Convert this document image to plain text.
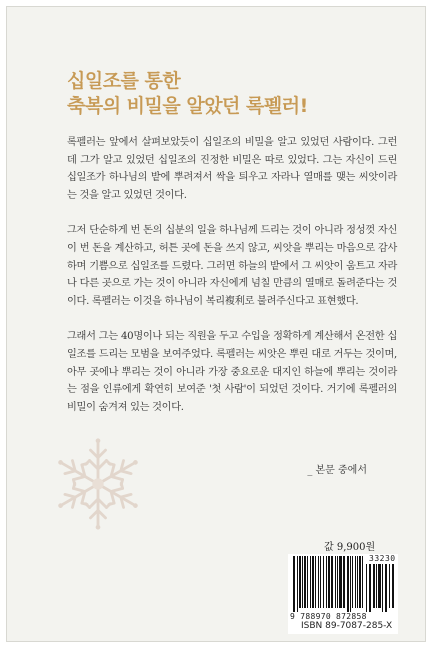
십일조를 통한
축복의 비밀을 알았던 록펠러!

록펠러는 앞에서 살펴보았듯이 십일조의 비밀을 알고 있었던 사람이다. 그런데 그가 알고 있었던 십일조의 진정한 비밀은 따로 있었다. 그는 자신이 드린 십일조가 하나님의 밭에 뿌려져서 싹을 틔우고 자라나 열매를 맺는 씨앗이라는 것을 알고 있었던 것이다.

그저 단순하게 번 돈의 십분의 일을 하나님께 드리는 것이 아니라 정성껏 자신이 번 돈을 계산하고, 허튼 곳에 돈을 쓰지 않고, 씨앗을 뿌리는 마음으로 감사하며 기쁨으로 십일조를 드렸다. 그러면 하늘의 밭에서 그 씨앗이 움트고 자라나 다른 곳으로 가는 것이 아니라 자신에게 넘칠 만큼의 열매로 돌려준다는 것이다. 록펠러는 이것을 하나님이 복리複利로 불려주신다고 표현했다.

그래서 그는 40명이나 되는 직원을 두고 수입을 정확하게 계산해서 온전한 십일조를 드리는 모범을 보여주었다. 록펠러는 씨앗은 뿌린 대로 거두는 것이며, 아무 곳에나 뿌리는 것이 아니라 가장 중요로운 대지인 하늘에 뿌리는 것이라는 점을 인류에게 확연히 보여준 '첫 사람'이 되었던 것이다. 거기에 록펠러의 비밀이 숨겨져 있는 것이다.

_ 본문 중에서
값 9,900원
33230
9 788970 872858
ISBN 89-7087-285-X
